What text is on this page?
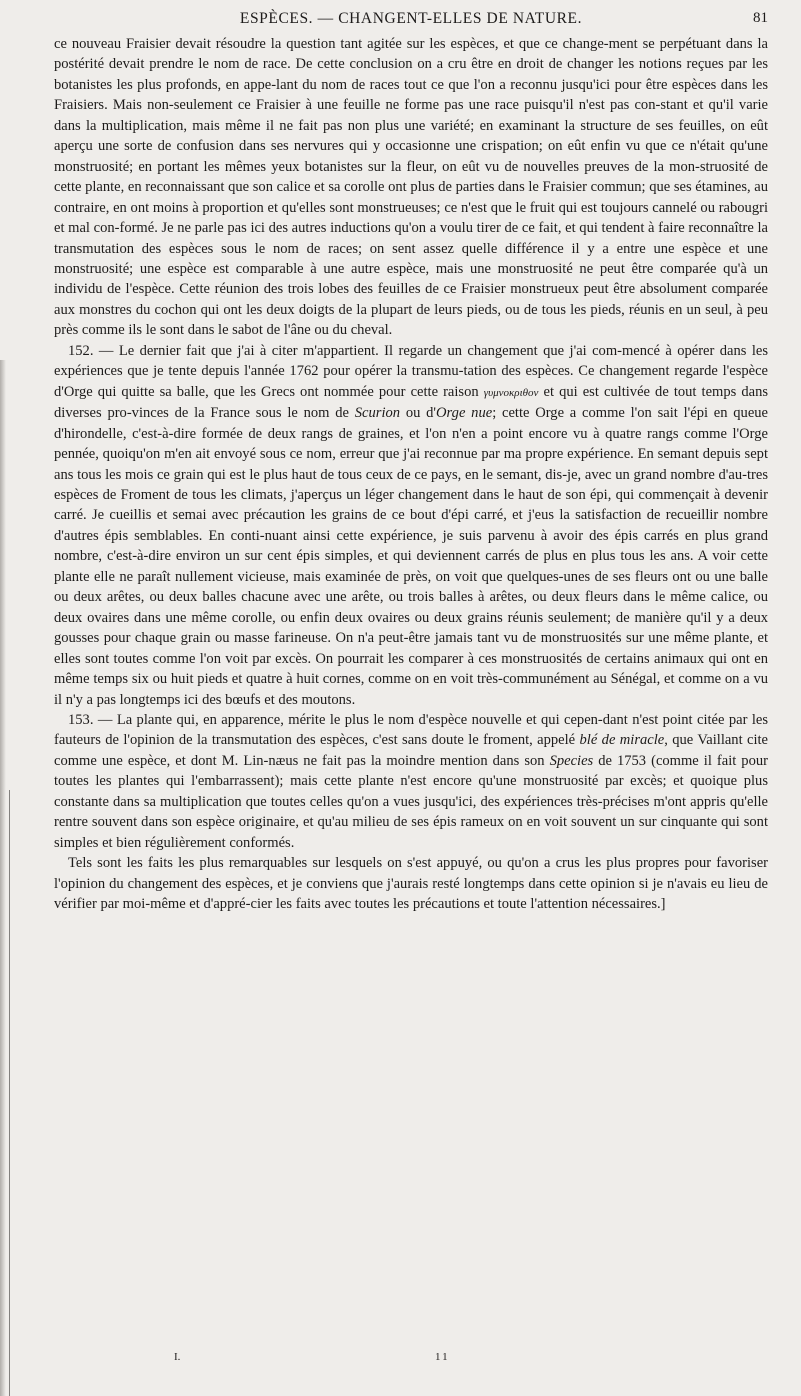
ESPÈCES. — CHANGENT-ELLES DE NATURE.	81

ce nouveau Fraisier devait résoudre la question tant agitée sur les espèces, et que ce change-ment se perpétuant dans la postérité devait prendre le nom de race. De cette conclusion on a cru être en droit de changer les notions reçues par les botanistes les plus profonds, en appe-lant du nom de races tout ce que l'on a reconnu jusqu'ici pour être espèces dans les Fraisiers. Mais non-seulement ce Fraisier à une feuille ne forme pas une race puisqu'il n'est pas con-stant et qu'il varie dans la multiplication, mais même il ne fait pas non plus une variété; en examinant la structure de ses feuilles, on eût aperçu une sorte de confusion dans ses nervures qui y occasionne une crispation; on eût enfin vu que ce n'était qu'une monstruosité; en portant les mêmes yeux botanistes sur la fleur, on eût vu de nouvelles preuves de la mon-struosité de cette plante, en reconnaissant que son calice et sa corolle ont plus de parties dans le Fraisier commun; que ses étamines, au contraire, en ont moins à proportion et qu'elles sont monstrueuses; ce n'est que le fruit qui est toujours cannelé ou rabougri et mal con-formé. Je ne parle pas ici des autres inductions qu'on a voulu tirer de ce fait, et qui tendent à faire reconnaître la transmutation des espèces sous le nom de races; on sent assez quelle différence il y a entre une espèce et une monstruosité; une espèce est comparable à une autre espèce, mais une monstruosité ne peut être comparée qu'à un individu de l'espèce. Cette réunion des trois lobes des feuilles de ce Fraisier monstrueux peut être absolument comparée aux monstres du cochon qui ont les deux doigts de la plupart de leurs pieds, ou de tous les pieds, réunis en un seul, à peu près comme ils le sont dans le sabot de l'âne ou du cheval.

152. — Le dernier fait que j'ai à citer m'appartient. Il regarde un changement que j'ai com-mencé à opérer dans les expériences que je tente depuis l'année 1762 pour opérer la transmu-tation des espèces. Ce changement regarde l'espèce d'Orge qui quitte sa balle, que les Grecs ont nommée pour cette raison γυμνοκριθον et qui est cultivée de tout temps dans diverses pro-vinces de la France sous le nom de Scurion ou d'Orge nue; cette Orge a comme l'on sait l'épi en queue d'hirondelle, c'est-à-dire formée de deux rangs de graines, et l'on n'en a point encore vu à quatre rangs comme l'Orge pennée, quoiqu'on m'en ait envoyé sous ce nom, erreur que j'ai reconnue par ma propre expérience. En semant depuis sept ans tous les mois ce grain qui est le plus haut de tous ceux de ce pays, en le semant, dis-je, avec un grand nombre d'au-tres espèces de Froment de tous les climats, j'aperçus un léger changement dans le haut de son épi, qui commençait à devenir carré. Je cueillis et semai avec précaution les grains de ce bout d'épi carré, et j'eus la satisfaction de recueillir nombre d'autres épis semblables. En conti-nuant ainsi cette expérience, je suis parvenu à avoir des épis carrés en plus grand nombre, c'est-à-dire environ un sur cent épis simples, et qui deviennent carrés de plus en plus tous les ans. A voir cette plante elle ne paraît nullement vicieuse, mais examinée de près, on voit que quelques-unes de ses fleurs ont ou une balle ou deux arêtes, ou deux balles chacune avec une arête, ou trois balles à arêtes, ou deux fleurs dans le même calice, ou deux ovaires dans une même corolle, ou enfin deux ovaires ou deux grains réunis seulement; de manière qu'il y a deux gousses pour chaque grain ou masse farineuse. On n'a peut-être jamais tant vu de monstruosités sur une même plante, et elles sont toutes comme l'on voit par excès. On pourrait les comparer à ces monstruosités de certains animaux qui ont en même temps six ou huit pieds et quatre à huit cornes, comme on en voit très-communément au Sénégal, et comme on a vu il n'y a pas longtemps ici des bœufs et des moutons.

153. — La plante qui, en apparence, mérite le plus le nom d'espèce nouvelle et qui cepen-dant n'est point citée par les fauteurs de l'opinion de la transmutation des espèces, c'est sans doute le froment, appelé blé de miracle, que Vaillant cite comme une espèce, et dont M. Lin-næus ne fait pas la moindre mention dans son Species de 1753 (comme il fait pour toutes les plantes qui l'embarrassent); mais cette plante n'est encore qu'une monstruosité par excès; et quoique plus constante dans sa multiplication que toutes celles qu'on a vues jusqu'ici, des expériences très-précises m'ont appris qu'elle rentre souvent dans son espèce originaire, et qu'au milieu de ses épis rameux on en voit souvent un sur cinquante qui sont simples et bien régulièrement conformés.

Tels sont les faits les plus remarquables sur lesquels on s'est appuyé, ou qu'on a crus les plus propres pour favoriser l'opinion du changement des espèces, et je conviens que j'aurais resté longtemps dans cette opinion si je n'avais eu lieu de vérifier par moi-même et d'appré-cier les faits avec toutes les précautions et toute l'attention nécessaires.]

I.	11
